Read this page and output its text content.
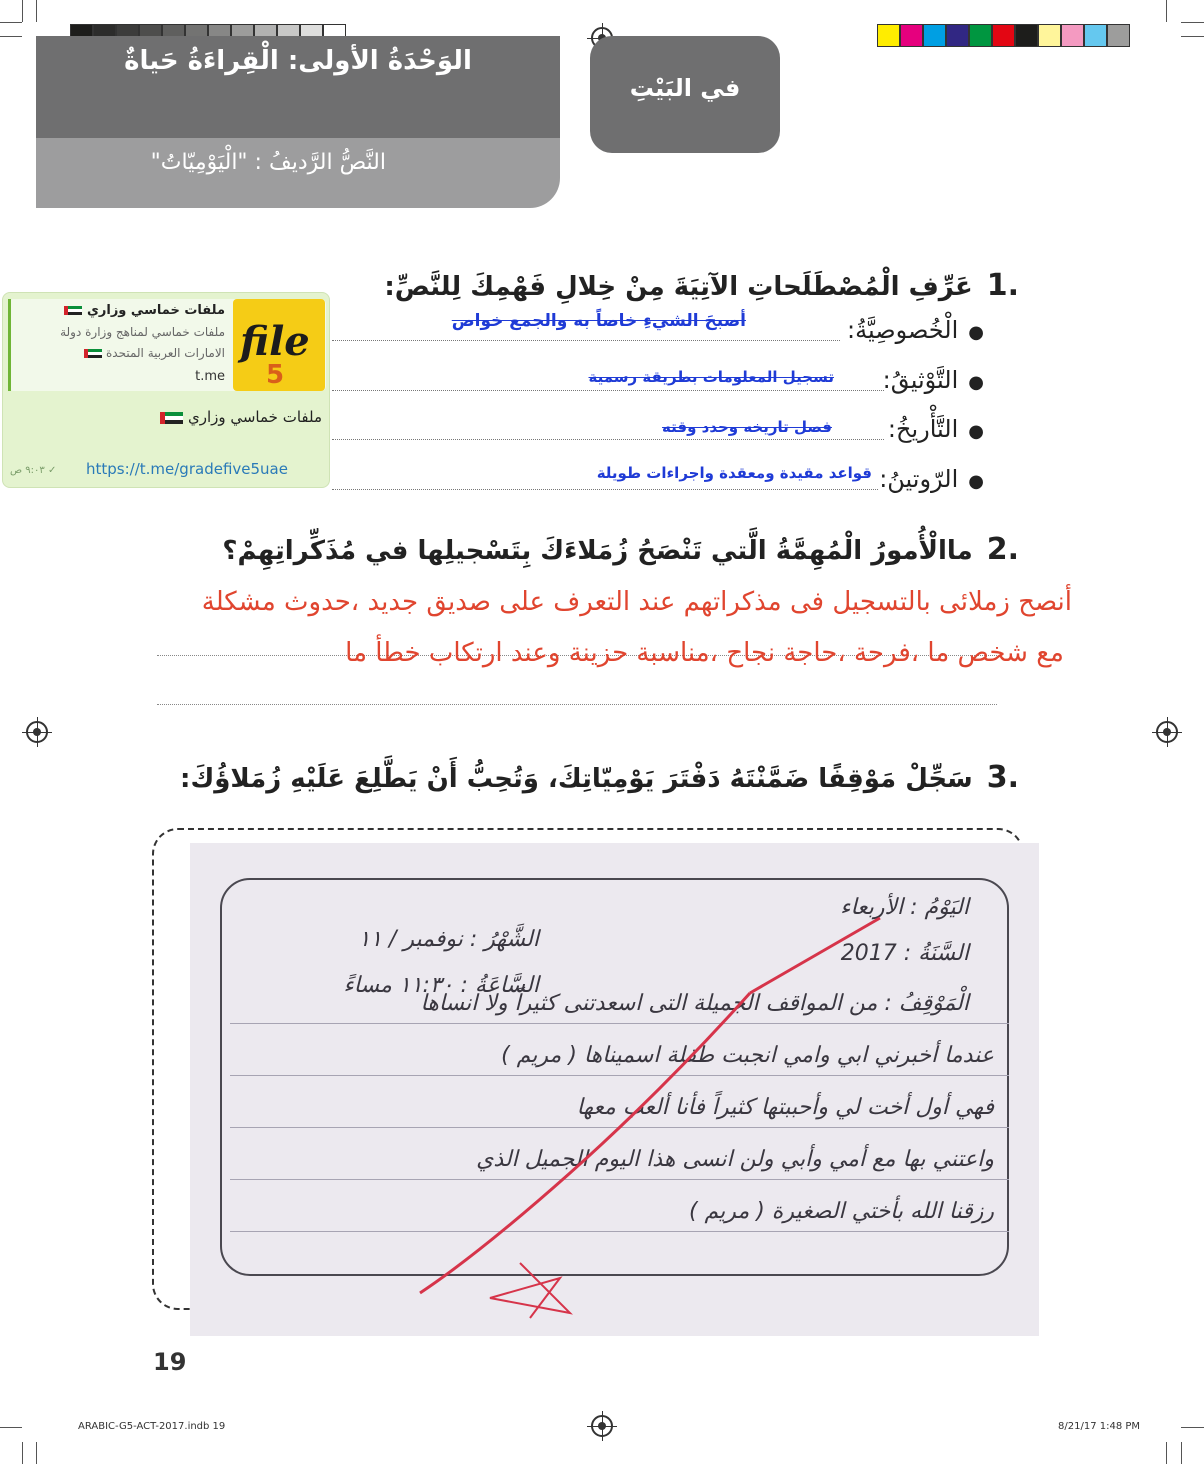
الوَحْدَةُ الأولى: الْقِراءَةُ حَياةٌ
النَّصُّ الرَّديفُ : "الْيَوْمِيّاتُ"
في البَيْتِ
.1
عَرِّفِ الْمُصْطَلَحاتِ الآتِيَةَ مِنْ خِلالِ فَهْمِكَ لِلنَّصِّ:
●
الْخُصوصِيَّةُ:
أصبحَ الشيءِ خاصاً به والجمع خواص
●
التَّوْثيقُ:
تسجيل المعلومات بطريقة رسمية
●
التَّأْريخُ:
فصل تاريخه وحدد وقته
●
الرّوتينُ:
قواعد مقيدة ومعقدة واجراءات طويلة
file
5
ملفات خماسي وزاري
ملفات خماسي لمناهج وزارة دولة
الامارات العربية المتحدة
t.me
ملفات خماسي وزاري
https://t.me/gradefive5uae
✓ ٩:٠٣ ص
.2
ماالْأُمورُ الْمُهِمَّةُ الَّتي تَنْصَحُ زُمَلاءَكَ بِتَسْجيلِها في مُذَكِّراتِهِمْ؟
أنصح زملائى بالتسجيل فى مذكراتهم عند التعرف على صديق جديد ،حدوث مشكلة
مع شخص ما ،فرحة ،حاجة نجاح ،مناسبة حزينة وعند ارتكاب خطأ ما
.3
سَجِّلْ مَوْقِفًا ضَمَّنْتَهُ دَفْتَرَ يَوْمِيّاتِكَ، وَتُحِبُّ أَنْ يَطَّلِعَ عَلَيْهِ زُمَلاؤُكَ:
اليَوْمُ : الأربعاء
الشَّهْرُ : نوفمبر / ١١
السَّنَةُ : 2017
السَّاعَةُ : ١١:٣٠ مساءً
الْمَوْقِفُ : من المواقف الجميلة التى اسعدتنى كثيراً ولا انساها
عندما أخبرني ابي وامي انجبت طفلة اسميناها ( مريم )
فهي أول أخت لي وأحببتها كثيراً فأنا ألعب معها
واعتني بها مع أمي وأبي ولن انسى هذا اليوم الجميل الذي
رزقنا الله بأختي الصغيرة ( مريم )
19
ARABIC-G5-ACT-2017.indb 19	8/21/17 1:48 PM
